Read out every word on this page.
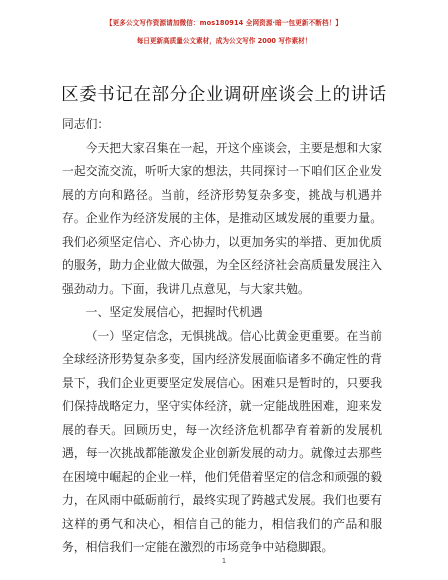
【更多公文写作资源请加微信：mos180914 全网资源·暗一包更新不断档！】
每日更新高质量公文素材，成为公文写作 2000 写作素材！
区委书记在部分企业调研座谈会上的讲话

同志们：

今天把大家召集在一起，开这个座谈会，主要是想和大家一起交流交流，听听大家的想法，共同探讨一下咱们区企业发展的方向和路径。当前，经济形势复杂多变，挑战与机遇并存。企业作为经济发展的主体，是推动区域发展的重要力量。我们必须坚定信心、齐心协力，以更加务实的举措、更加优质的服务，助力企业做大做强，为全区经济社会高质量发展注入强劲动力。下面，我讲几点意见，与大家共勉。

一、坚定发展信心，把握时代机遇

（一）坚定信念，无惧挑战。信心比黄金更重要。在当前全球经济形势复杂多变，国内经济发展面临诸多不确定性的背景下，我们企业更要坚定发展信心。困难只是暂时的，只要我们保持战略定力，坚守实体经济，就一定能战胜困难，迎来发展的春天。回顾历史，每一次经济危机都孕育着新的发展机遇，每一次挑战都能激发企业创新发展的动力。就像过去那些在困境中崛起的企业一样，他们凭借着坚定的信念和顽强的毅力，在风雨中砥砺前行，最终实现了跨越式发展。我们也要有这样的勇气和决心，相信自己的能力，相信我们的产品和服务，相信我们一定能在激烈的市场竞争中站稳脚跟。

1
